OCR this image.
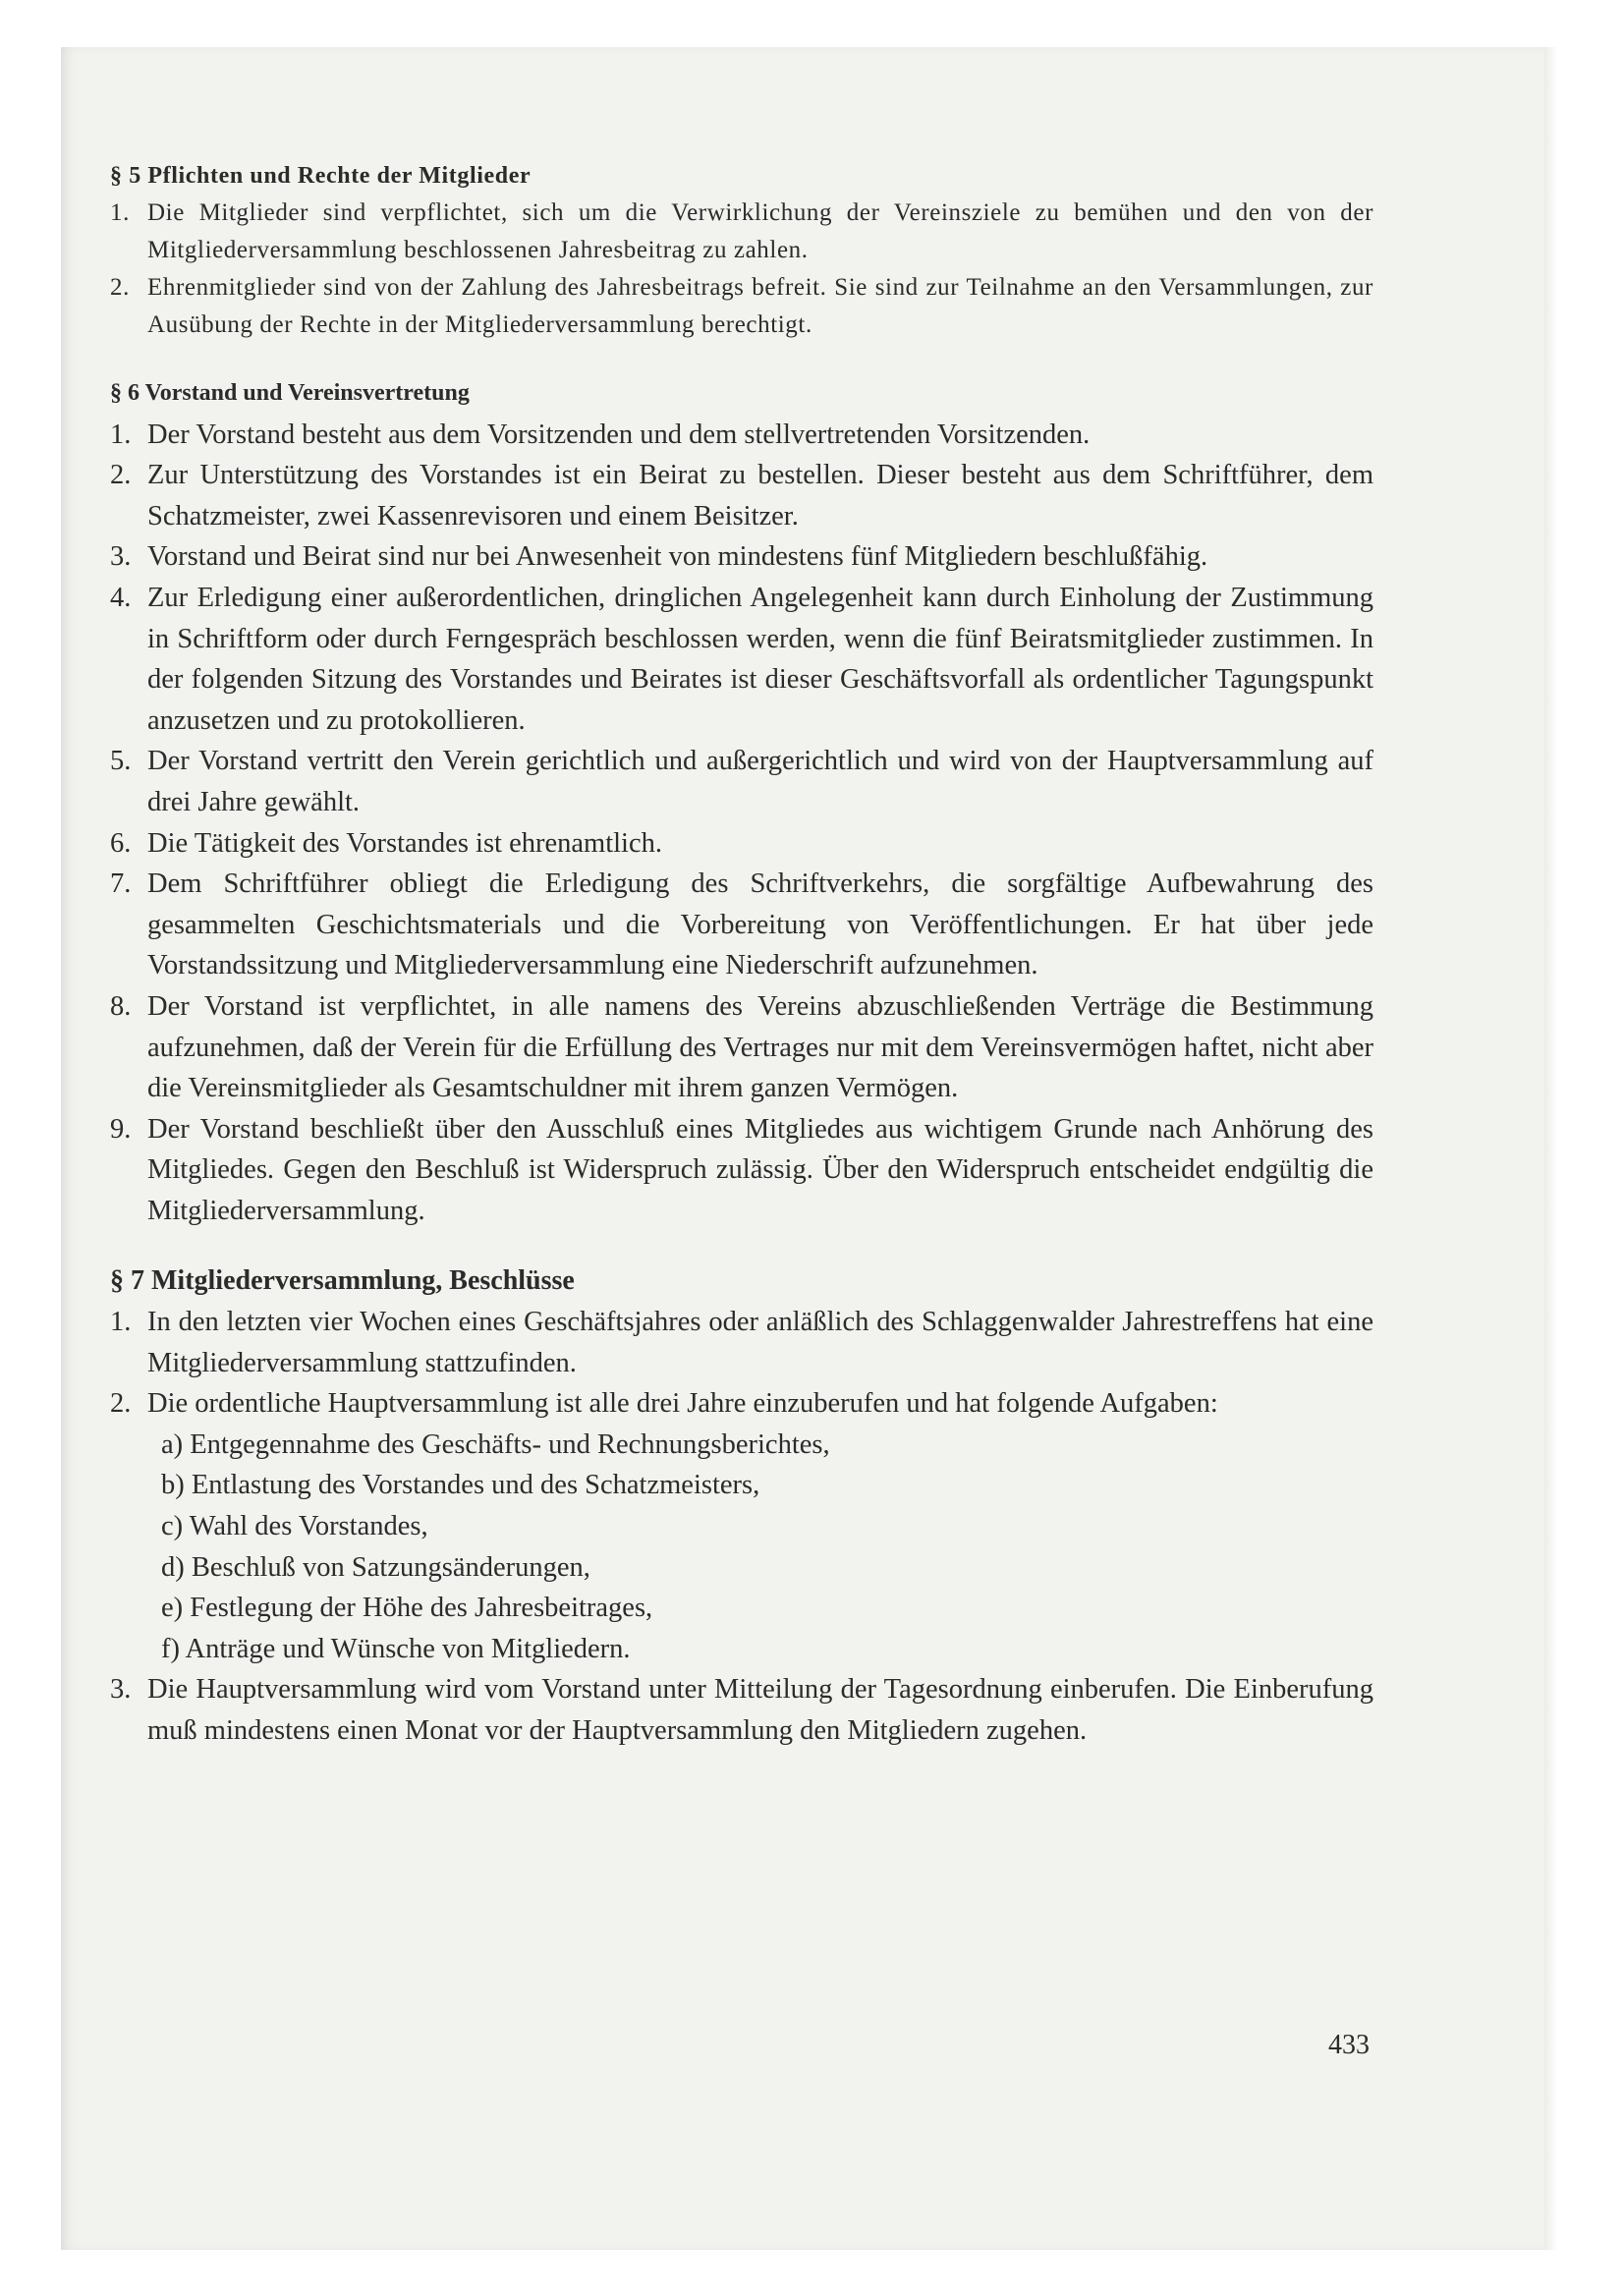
§ 5 Pflichten und Rechte der Mitglieder

1. Die Mitglieder sind verpflichtet, sich um die Verwirklichung der Vereinsziele zu bemühen und den von der Mitgliederversammlung beschlossenen Jahresbeitrag zu zahlen.
2. Ehrenmitglieder sind von der Zahlung des Jahresbeitrags befreit. Sie sind zur Teilnahme an den Versammlungen, zur Ausübung der Rechte in der Mitgliederversammlung berechtigt.

§ 6 Vorstand und Vereinsvertretung

1. Der Vorstand besteht aus dem Vorsitzenden und dem stellvertretenden Vorsitzenden.
2. Zur Unterstützung des Vorstandes ist ein Beirat zu bestellen. Dieser besteht aus dem Schriftführer, dem Schatzmeister, zwei Kassenrevisoren und einem Beisitzer.
3. Vorstand und Beirat sind nur bei Anwesenheit von mindestens fünf Mitgliedern beschlußfähig.
4. Zur Erledigung einer außerordentlichen, dringlichen Angelegenheit kann durch Einholung der Zustimmung in Schriftform oder durch Ferngespräch beschlossen werden, wenn die fünf Beiratsmitglieder zustimmen. In der folgenden Sitzung des Vorstandes und Beirates ist dieser Geschäftsvorfall als ordentlicher Tagungspunkt anzusetzen und zu protokollieren.
5. Der Vorstand vertritt den Verein gerichtlich und außergerichtlich und wird von der Hauptversammlung auf drei Jahre gewählt.
6. Die Tätigkeit des Vorstandes ist ehrenamtlich.
7. Dem Schriftführer obliegt die Erledigung des Schriftverkehrs, die sorgfältige Aufbewahrung des gesammelten Geschichtsmaterials und die Vorbereitung von Veröffentlichungen. Er hat über jede Vorstandssitzung und Mitgliederversammlung eine Niederschrift aufzunehmen.
8. Der Vorstand ist verpflichtet, in alle namens des Vereins abzuschließenden Verträge die Bestimmung aufzunehmen, daß der Verein für die Erfüllung des Vertrages nur mit dem Vereinsvermögen haftet, nicht aber die Vereinsmitglieder als Gesamtschuldner mit ihrem ganzen Vermögen.
9. Der Vorstand beschließt über den Ausschluß eines Mitgliedes aus wichtigem Grunde nach Anhörung des Mitgliedes. Gegen den Beschluß ist Widerspruch zulässig. Über den Widerspruch entscheidet endgültig die Mitgliederversammlung.

§ 7 Mitgliederversammlung, Beschlüsse

1. In den letzten vier Wochen eines Geschäftsjahres oder anläßlich des Schlaggenwalder Jahrestreffens hat eine Mitgliederversammlung stattzufinden.
2. Die ordentliche Hauptversammlung ist alle drei Jahre einzuberufen und hat folgende Aufgaben:
a) Entgegennahme des Geschäfts- und Rechnungsberichtes,
b) Entlastung des Vorstandes und des Schatzmeisters,
c) Wahl des Vorstandes,
d) Beschluß von Satzungsänderungen,
e) Festlegung der Höhe des Jahresbeitrages,
f) Anträge und Wünsche von Mitgliedern.
3. Die Hauptversammlung wird vom Vorstand unter Mitteilung der Tagesordnung einberufen. Die Einberufung muß mindestens einen Monat vor der Hauptversammlung den Mitgliedern zugehen.
433
